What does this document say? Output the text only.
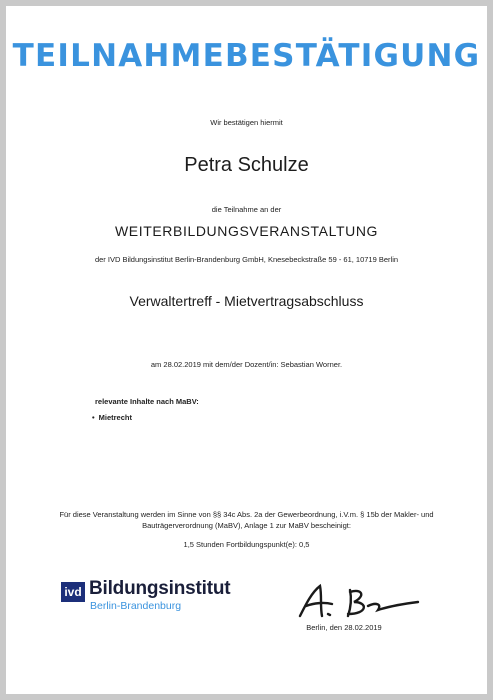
TEILNAHMEBESTÄTIGUNG
Wir bestätigen hiermit
Petra Schulze
die Teilnahme an der
WEITERBILDUNGSVERANSTALTUNG
der IVD Bildungsinstitut Berlin-Brandenburg GmbH, Knesebeckstraße 59 - 61, 10719 Berlin
Verwaltertreff - Mietvertragsabschluss
am 28.02.2019 mit dem/der Dozent/in: Sebastian Worner.
relevante Inhalte nach MaBV:
• Mietrecht
Für diese Veranstaltung werden im Sinne von §§ 34c Abs. 2a der Gewerbeordnung, i.V.m. § 15b der Makler- und Bauträgerverordnung (MaBV), Anlage 1 zur MaBV bescheinigt:
1,5 Stunden Fortbildungspunkt(e): 0,5
ivd Bildungsinstitut
Berlin-Brandenburg
Berlin, den 28.02.2019
